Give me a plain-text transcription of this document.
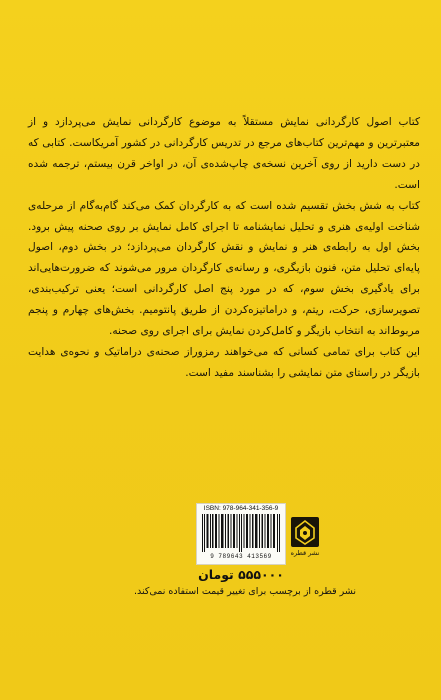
کتاب اصول کارگردانی نمایش مستقلاً به موضوع کارگردانی نمایش می‌پردازد و از معتبرترین و مهم‌ترین کتاب‌های مرجع در تدریس کارگردانی در کشور آمریکاست. کتابی که در دست دارید از روی آخرین نسخه‌ی چاپ‌شده‌ی آن، در اواخر قرن بیستم، ترجمه شده است.

کتاب به شش بخش تقسیم شده است که به کارگردان کمک می‌کند گام‌به‌گام از مرحله‌ی شناخت اولیه‌ی هنری و تحلیل نمایشنامه تا اجرای کامل نمایش بر روی صحنه پیش برود. بخش اول به رابطه‌ی هنر و نمایش و نقش کارگردان می‌پردازد؛ در بخش دوم، اصول پایه‌ای تحلیل متن، فنون بازیگری، و رسانه‌ی کارگردان مرور می‌شوند که ضرورت‌هایی‌اند برای یادگیری بخش سوم، که در مورد پنج اصل کارگردانی است؛ یعنی ترکیب‌بندی، تصویرسازی، حرکت، ریتم، و دراماتیزه‌کردن از طریق پانتومیم. بخش‌های چهارم و پنجم مربوط‌اند به انتخاب بازیگر و کامل‌کردن نمایش برای اجرای روی صحنه.

این کتاب برای تمامی کسانی که می‌خواهند رمزوراز صحنه‌ی دراماتیک و نحوه‌ی هدایت بازیگر در راستای متن نمایشی را بشناسند مفید است.

ISBN: 978-964-341-356-9
9 789643 413569	نشر قطره
۵۵۵۰۰۰ تومان
نشر قطره از برچسب برای تغییر قیمت استفاده نمی‌کند.
